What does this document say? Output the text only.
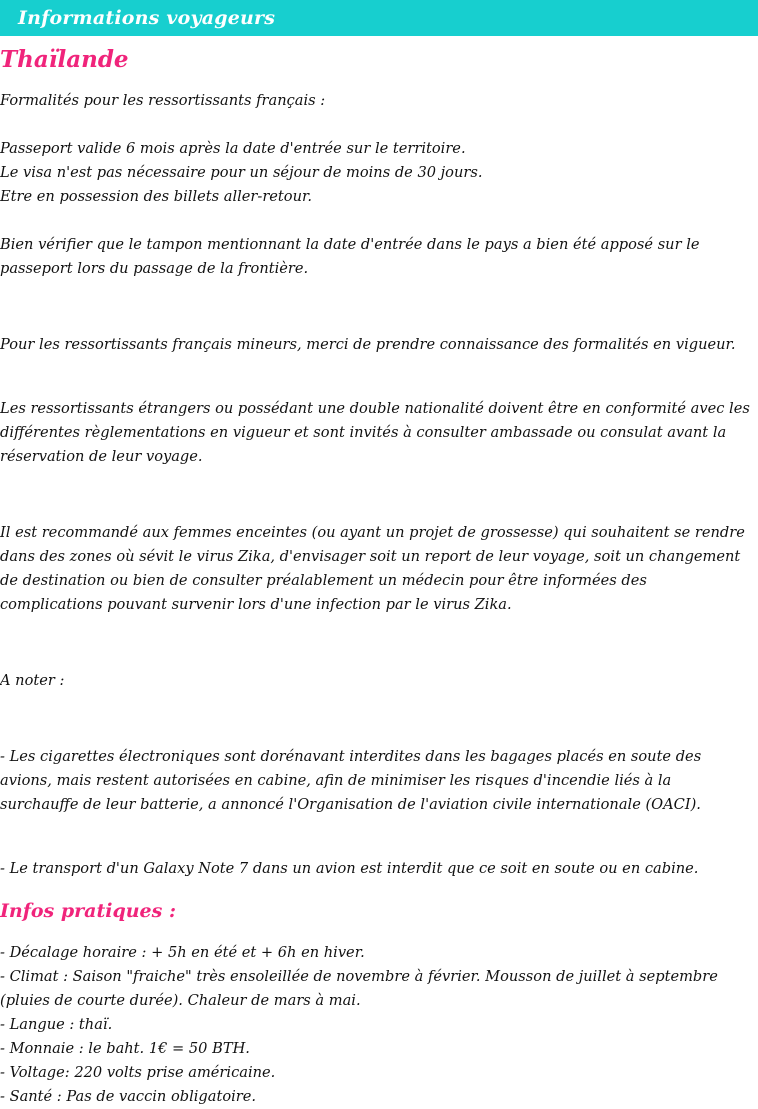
Informations voyageurs
Thaïlande

Formalités pour les ressortissants français :

Passeport valide 6 mois après la date d'entrée sur le territoire.

Le visa n'est pas nécessaire pour un séjour de moins de 30 jours.

Etre en possession des billets aller-retour.

Bien vérifier que le tampon mentionnant la date d'entrée dans le pays a bien été apposé sur le passeport lors du passage de la frontière.

Pour les ressortissants français mineurs, merci de prendre connaissance des formalités en vigueur.

Les ressortissants étrangers ou possédant une double nationalité doivent être en conformité avec les différentes règlementations en vigueur et sont invités à consulter ambassade ou consulat avant la réservation de leur voyage.

Il est recommandé aux femmes enceintes (ou ayant un projet de grossesse) qui souhaitent se rendre dans des zones où sévit le virus Zika, d'envisager soit un report de leur voyage, soit un changement de destination ou bien de consulter préalablement un médecin pour être informées des complications pouvant survenir lors d'une infection par le virus Zika.

A noter :

- Les cigarettes électroniques sont dorénavant interdites dans les bagages placés en soute des avions, mais restent autorisées en cabine, afin de minimiser les risques d'incendie liés à la surchauffe de leur batterie, a annoncé l'Organisation de l'aviation civile internationale (OACI).

- Le transport d'un Galaxy Note 7 dans un avion est interdit que ce soit en soute ou en cabine.

Infos pratiques :

- Décalage horaire : + 5h en été et + 6h en hiver.

- Climat : Saison "fraiche" très ensoleillée de novembre à février. Mousson de juillet à septembre (pluies de courte durée). Chaleur de mars à mai.

- Langue : thaï.

- Monnaie : le baht. 1€ = 50 BTH.

- Voltage: 220 volts prise américaine.

- Santé : Pas de vaccin obligatoire.
